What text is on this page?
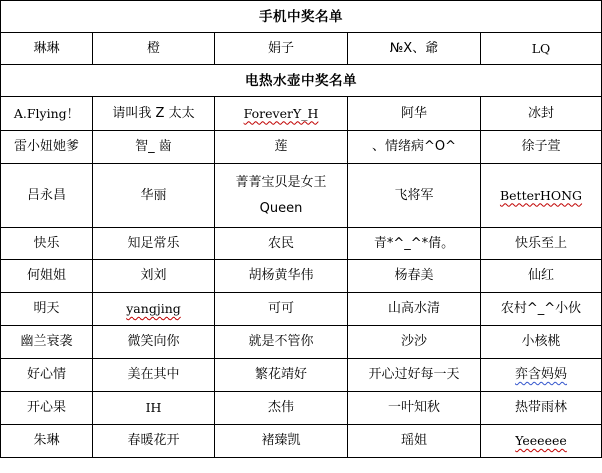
手机中奖名单				
琳琳	橙	娟子	№X、爺	LQ
电热水壶中奖名单				
A.Flying！	请叫我 Z 太太	ForeverY_H	阿华	冰封
雷小妞她爹	智_ 齒	莲	、情绪病^O^	徐子萱
吕永昌	华丽	菁菁宝贝是女王 Queen	飞将军	BetterHONG
快乐	知足常乐	农民	青*^_^*倩。	快乐至上
何姐姐	刘刘	胡杨黄华伟	杨春美	仙红
明天	yangjing	可可	山高水清	农村^_^小伙
幽兰衰袭	微笑向你	就是不管你	沙沙	小核桃
好心情	美在其中	繁花靖好	开心过好每一天	弈含妈妈
开心果	IH	杰伟	一叶知秋	热带雨林
朱琳	春暖花开	褚臻凯	瑶姐	Yeeeeee
